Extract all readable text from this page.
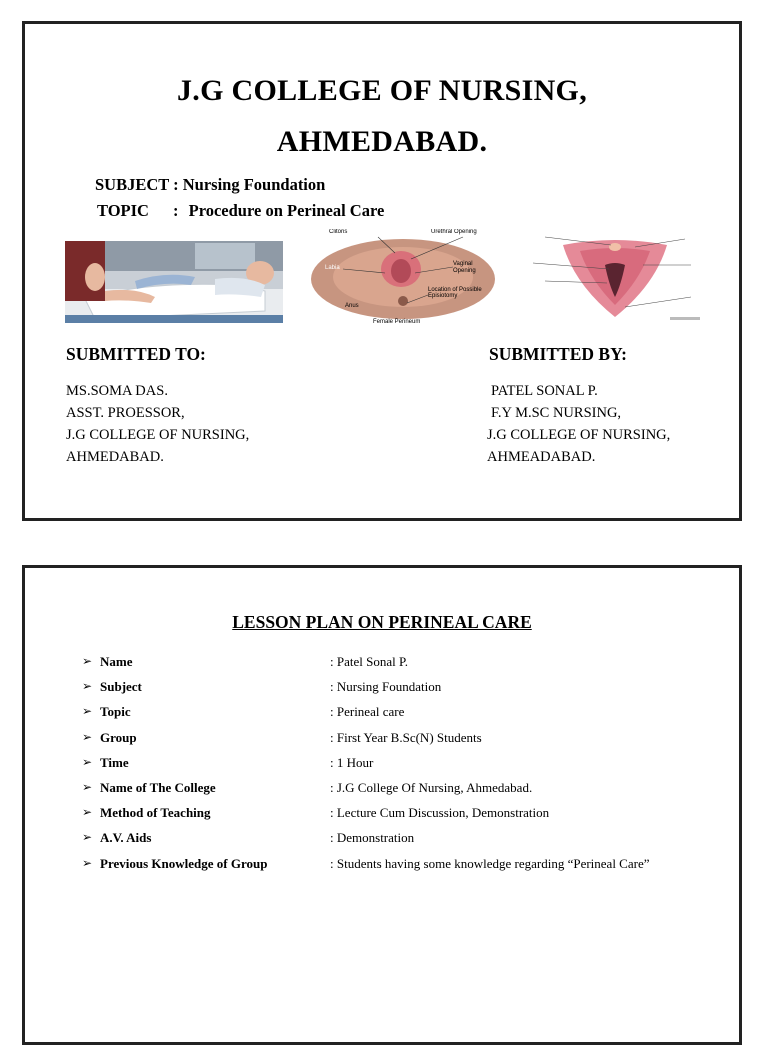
J.G COLLEGE OF NURSING,
AHMEDABAD.
SUBJECT : Nursing Foundation
TOPIC : Procedure on Perineal Care
Clitoris	Urethral Opening
Labia
Vaginal Opening
Anus
Location of Possible Episiotomy
Female Perineum
SUBMITTED TO:	SUBMITTED BY:
MS.SOMA DAS.
ASST. PROESSOR,
J.G COLLEGE OF NURSING,
AHMEDABAD.
PATEL SONAL P.
F.Y M.SC NURSING,
J.G COLLEGE OF NURSING,
AHMEADABAD.
LESSON PLAN ON PERINEAL CARE
➢ Name	: Patel Sonal P.
➢ Subject	: Nursing Foundation
➢ Topic	: Perineal care
➢ Group	: First Year B.Sc(N) Students
➢ Time	: 1 Hour
➢ Name of The College	: J.G College Of Nursing, Ahmedabad.
➢ Method of Teaching	: Lecture Cum Discussion, Demonstration
➢ A.V. Aids	: Demonstration
➢ Previous Knowledge of Group	: Students having some knowledge regarding “Perineal Care”
